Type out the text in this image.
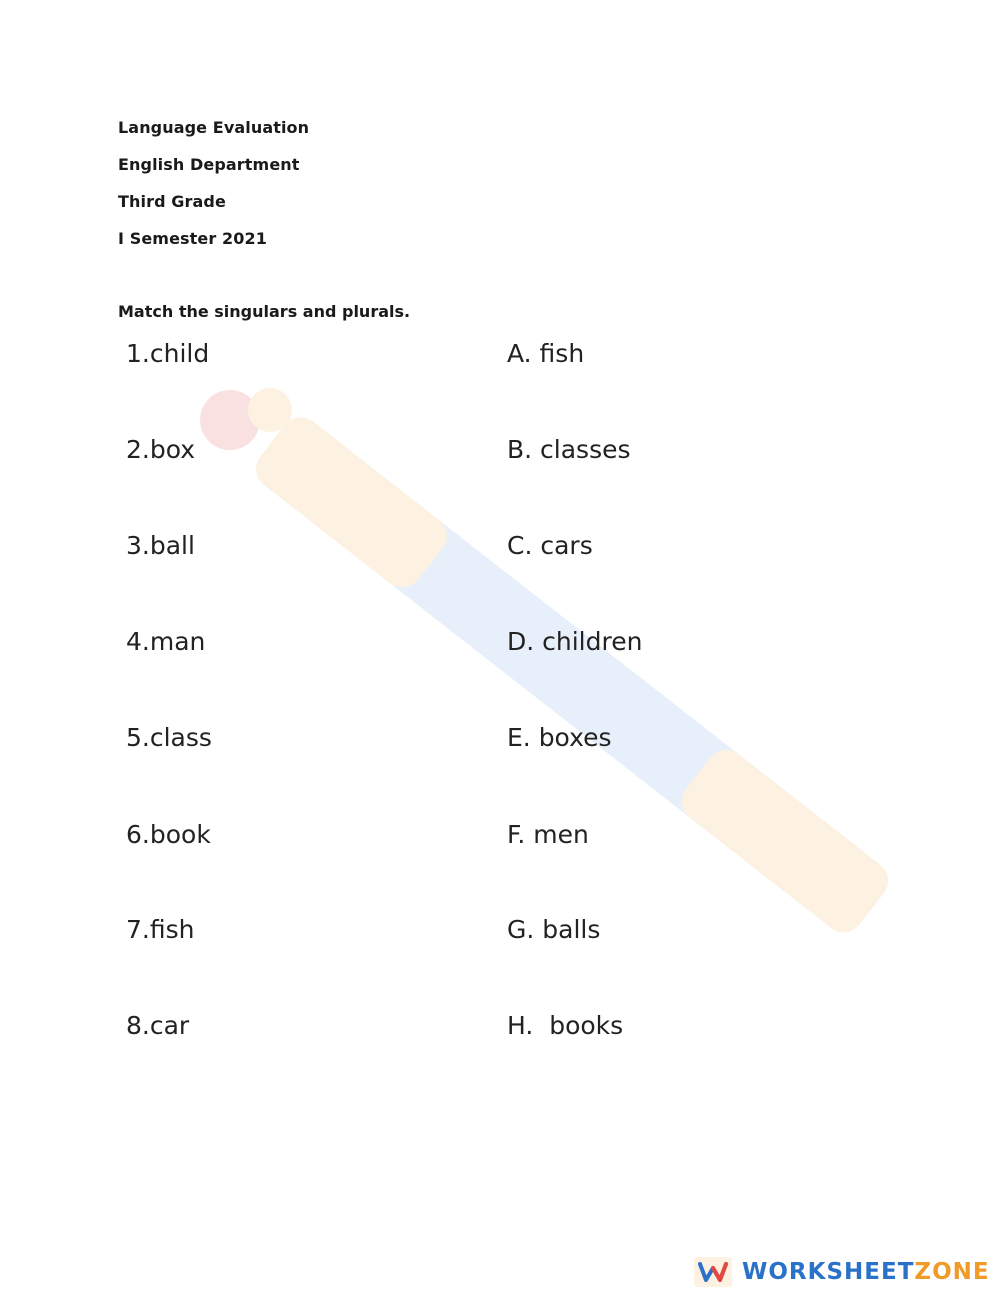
Language Evaluation
English Department
Third Grade
I Semester 2021
Match the singulars and plurals.
1.child
2.box
3.ball
4.man
5.class
6.book
7.fish
8.car
A. fish
B. classes
C. cars
D. children
E. boxes
F. men
G. balls
H.  books
WORKSHEETZONE
